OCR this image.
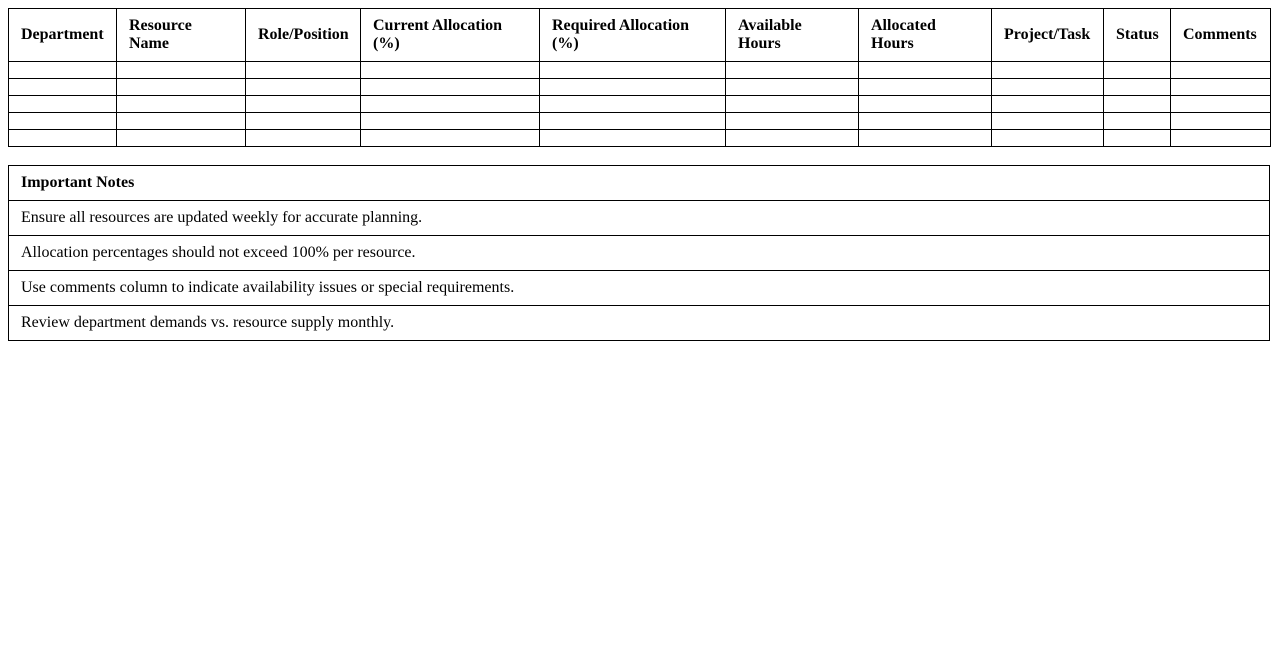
Department	Resource Name	Role/Position	Current Allocation (%)	Required Allocation (%)	Available Hours	Allocated Hours	Project/Task	Status	Comments

Important Notes
Ensure all resources are updated weekly for accurate planning.
Allocation percentages should not exceed 100% per resource.
Use comments column to indicate availability issues or special requirements.
Review department demands vs. resource supply monthly.
